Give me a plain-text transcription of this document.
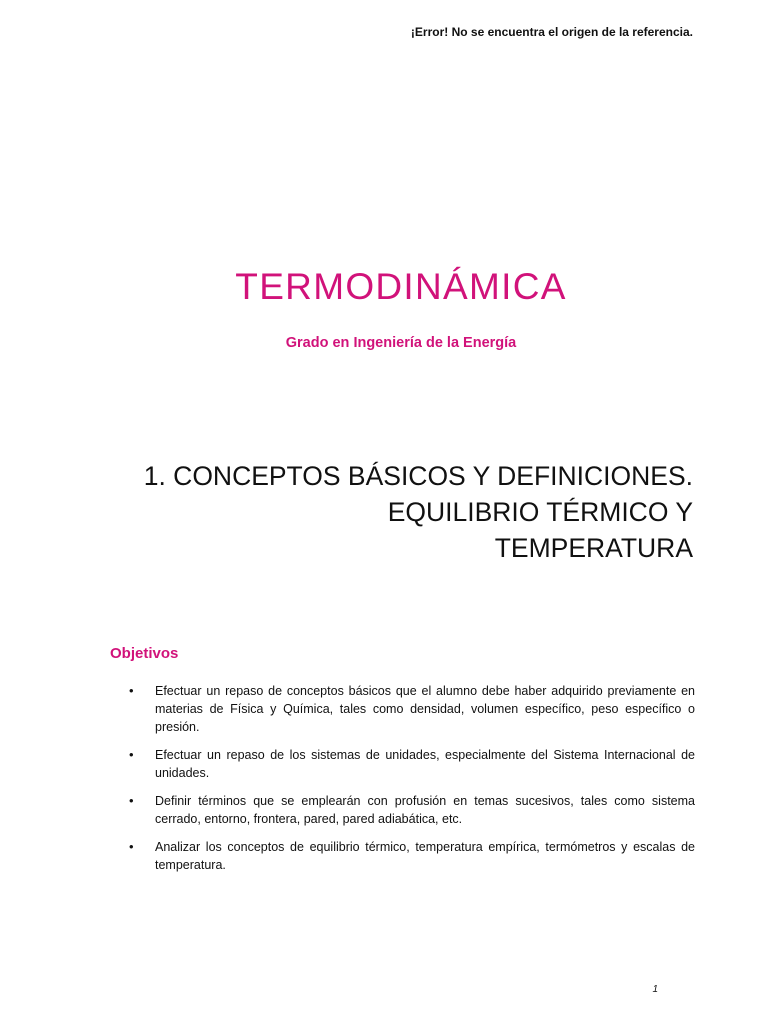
¡Error! No se encuentra el origen de la referencia.
TERMODINÁMICA
Grado en Ingeniería de la Energía
1. CONCEPTOS BÁSICOS Y DEFINICIONES.
EQUILIBRIO TÉRMICO Y
TEMPERATURA
Objetivos
• Efectuar un repaso de conceptos básicos que el alumno debe haber adquirido previamente en materias de Física y Química, tales como densidad, volumen específico, peso específico o presión.
• Efectuar un repaso de los sistemas de unidades, especialmente del Sistema Internacional de unidades.
• Definir términos que se emplearán con profusión en temas sucesivos, tales como sistema cerrado, entorno, frontera, pared, pared adiabática, etc.
• Analizar los conceptos de equilibrio térmico, temperatura empírica, termómetros y escalas de temperatura.
1
